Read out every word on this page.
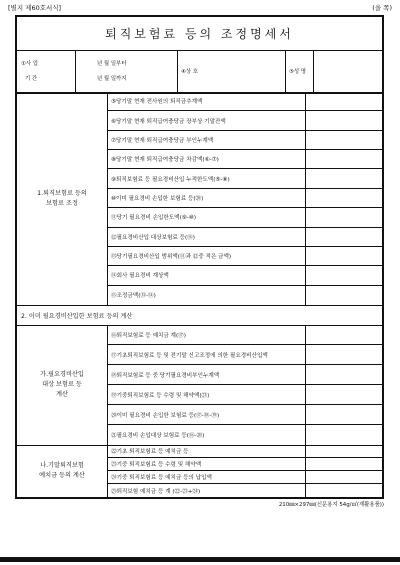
[별지 제60호서식]	(을 쪽)
퇴직보험료 등의 조정명세서
①사 업
기 간
년 월 일부터
년 월 일까지
④상 호	⑤성 명
1.퇴직보험료 등의
보험료 조정
⑤당기말 현재 전사원의 퇴직금추계액
⑥당기말 현재 퇴직급여충당금 장부상 기말잔액
⑦당기말 현재 퇴직급여충당금 부인누계액
⑧당기말 현재 퇴직급여충당금 차감액(⑥-⑦)
⑨퇴직보험료 등 필요경비산입 누적한도액(⑤-⑧)
⑩이미 필요경비 손입한 보험료 등(⑳)
⑪당기 필요경비 손입한도액(⑨-⑩)
⑫필요경비산입 대상보험료 등(⑭)
⑬당기필요경비산입 범위액(⑪과 ⑫중 적은 금액)
⑭회사 필요경비 계상액
⑮조정금액(⑬-⑭)
2. 이미 필요경비산입한 보험료 등의 계산
가.필요경비산입
대상 보험료 등
계산
⑯퇴직보험료 등 예치금 계(⑰)
⑰기초퇴직보험료 등 및 전기말 신고조정에 의한 필요경비산입액
⑱퇴직보험료 등 중 당기필요경비부인누계액
⑲기중퇴직보험료 등 수령 및 해약액(㉓)
⑳이미 필요경비 손입한 보험료 등(⑰-⑱-⑲)
㉑필요경비 손입대상 보험료 등(⑯-⑳)
나.기말퇴직보험
예치금 등의 계산
㉒기초 퇴직보험료 등 예치금 등
㉓기중 퇴직보험료 등 수령 및 해약액
㉔기중 퇴직보험료 등 예치금 등의 납입액
㉕퇴직보험 예치금 등 계 (㉒-㉓+㉔)
210㎜×297㎜(신문용지 54g/㎡(재활용품))
